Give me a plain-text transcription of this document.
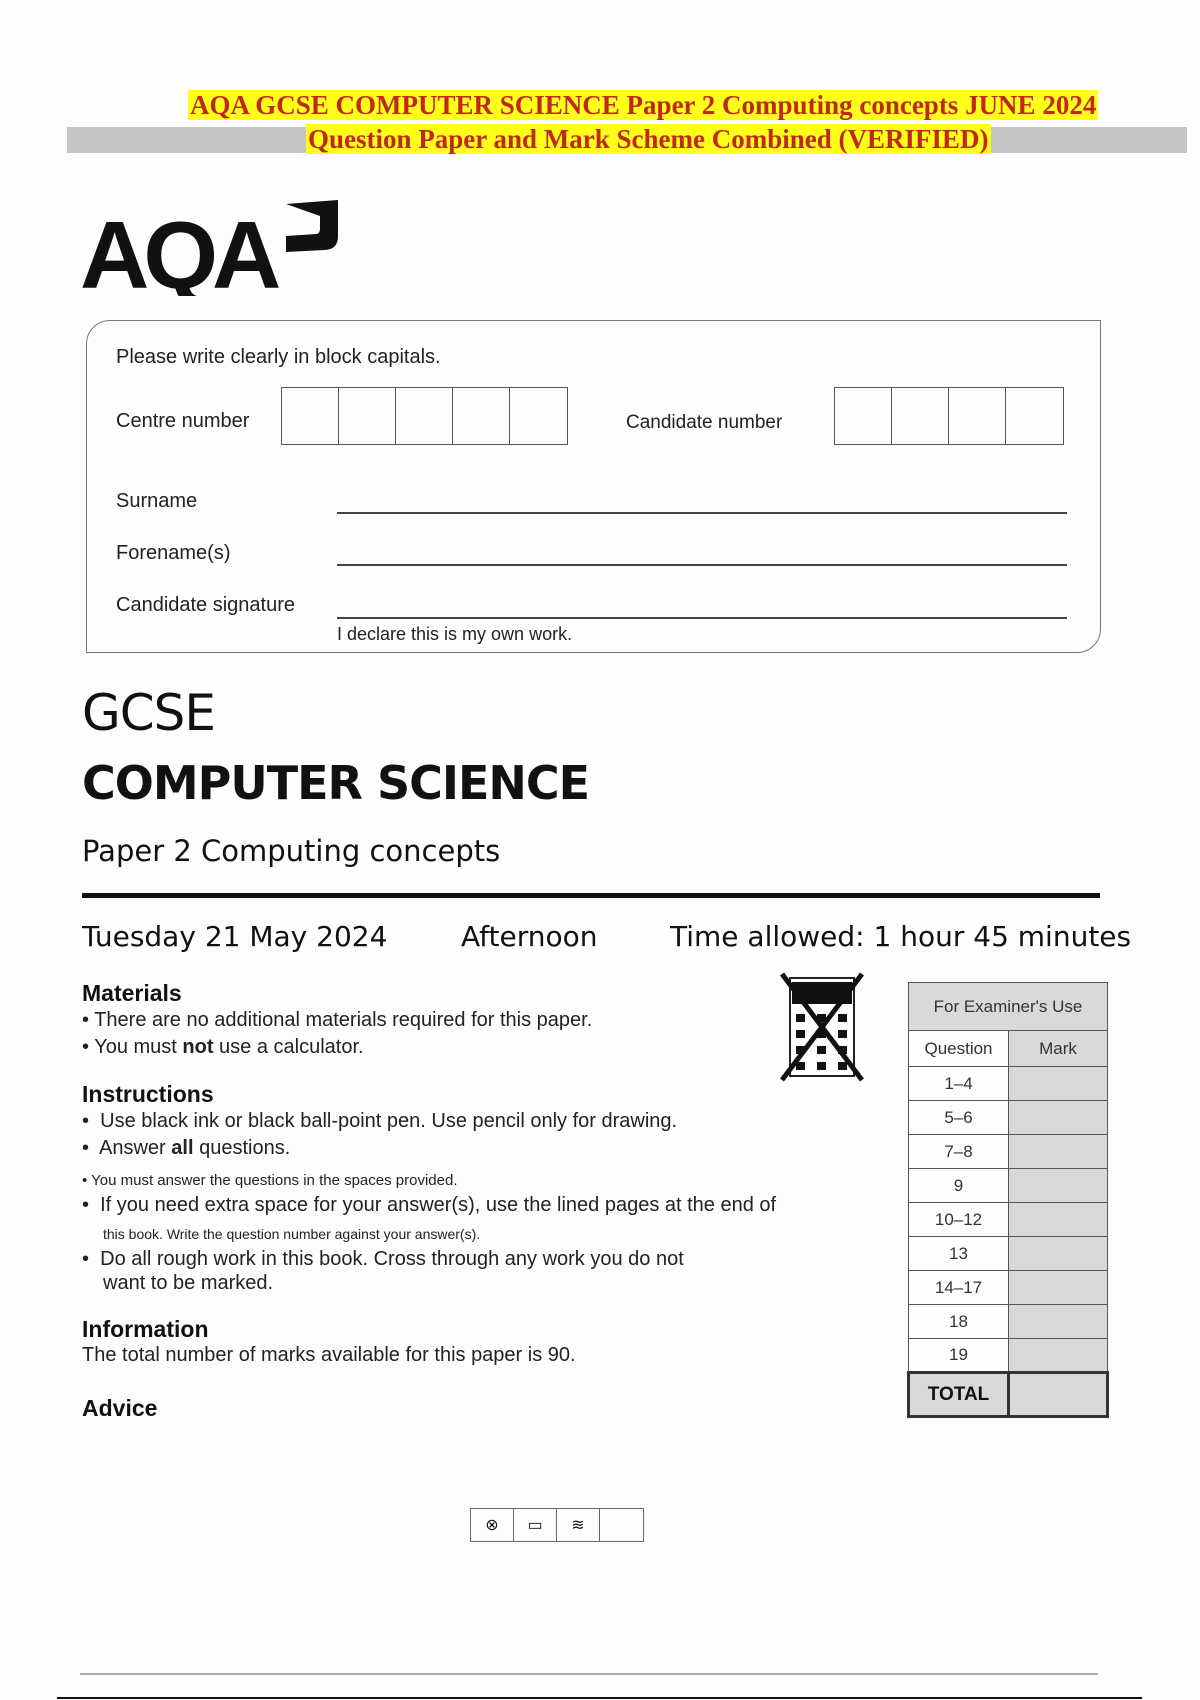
AQA GCSE COMPUTER SCIENCE Paper 2 Computing concepts JUNE 2024
Question Paper and Mark Scheme Combined (VERIFIED)
AQA
Please write clearly in block capitals.
Centre number	Candidate number
Surname
Forename(s)
Candidate signature
I declare this is my own work.
GCSE
COMPUTER SCIENCE
Paper 2 Computing concepts
Tuesday 21 May 2024	Afternoon	Time allowed: 1 hour 45 minutes
Materials
• There are no additional materials required for this paper.
• You must not use a calculator.
Instructions
•  Use black ink or black ball-point pen. Use pencil only for drawing.
•  Answer all questions.
• You must answer the questions in the spaces provided.
•  If you need extra space for your answer(s), use the lined pages at the end of
this book. Write the question number against your answer(s).
•  Do all rough work in this book. Cross through any work you do not
want to be marked.
Information
The total number of marks available for this paper is 90.
Advice
For Examiner's Use	
Question	Mark
1–4	
5–6	
7–8	
9	
10–12	
13	
14–17	
18	
19	
TOTAL	
⊗	▭	≋
